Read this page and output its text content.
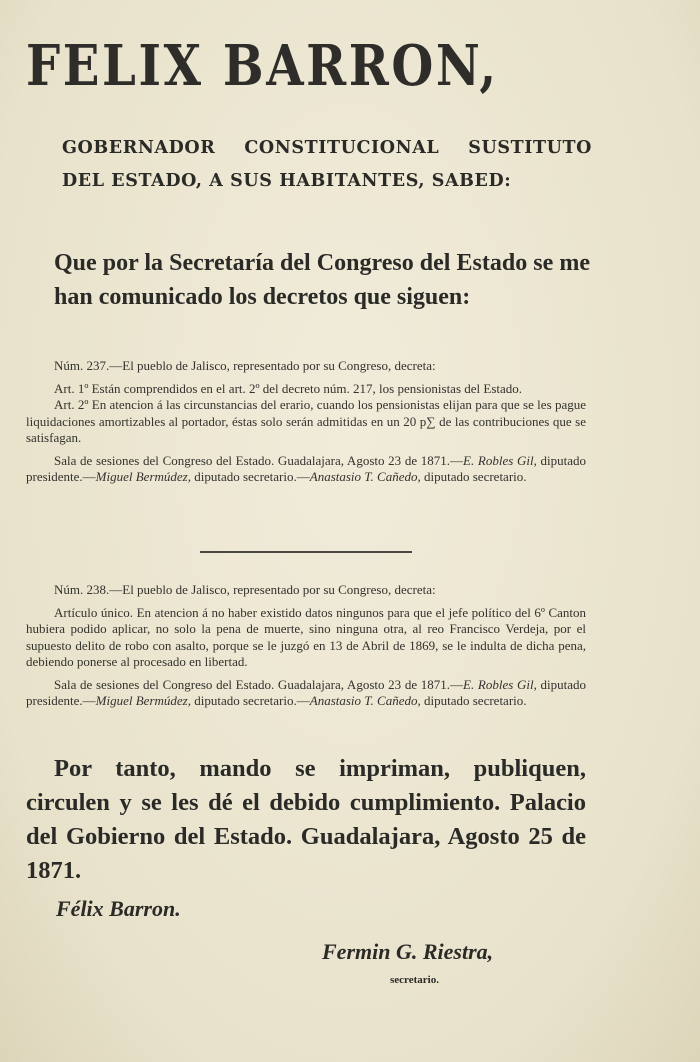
FELIX BARRON,
GOBERNADOR CONSTITUCIONAL SUSTITUTO DEL ESTADO, A SUS HABITANTES, SABED:
Que por la Secretaría del Congreso del Estado se me han comunicado los decretos que siguen:

Núm. 237.—El pueblo de Jalisco, representado por su Congreso, decreta:

Art. 1º Están comprendidos en el art. 2º del decreto núm. 217, los pensionistas del Estado.

Art. 2º En atencion á las circunstancias del erario, cuando los pensionistas elijan para que se les pague liquidaciones amortizables al portador, éstas solo serán admitidas en un 20 p∑ de las contribuciones que se satisfagan.

Sala de sesiones del Congreso del Estado. Guadalajara, Agosto 23 de 1871.—E. Robles Gil, diputado presidente.—Miguel Bermúdez, diputado secretario.—Anastasio T. Cañedo, diputado secretario.

Núm. 238.—El pueblo de Jalisco, representado por su Congreso, decreta:

Artículo único. En atencion á no haber existido datos ningunos para que el jefe político del 6º Canton hubiera podido aplicar, no solo la pena de muerte, sino ninguna otra, al reo Francisco Verdeja, por el supuesto delito de robo con asalto, porque se le juzgó en 13 de Abril de 1869, se le indulta de dicha pena, debiendo ponerse al procesado en libertad.

Sala de sesiones del Congreso del Estado. Guadalajara, Agosto 23 de 1871.—E. Robles Gil, diputado presidente.—Miguel Bermúdez, diputado secretario.—Anastasio T. Cañedo, diputado secretario.

Por tanto, mando se impriman, publiquen, circulen y se les dé el debido cumplimiento. Palacio del Gobierno del Estado. Guadalajara, Agosto 25 de 1871.
Félix Barron.
Fermin G. Riestra,
secretario.
